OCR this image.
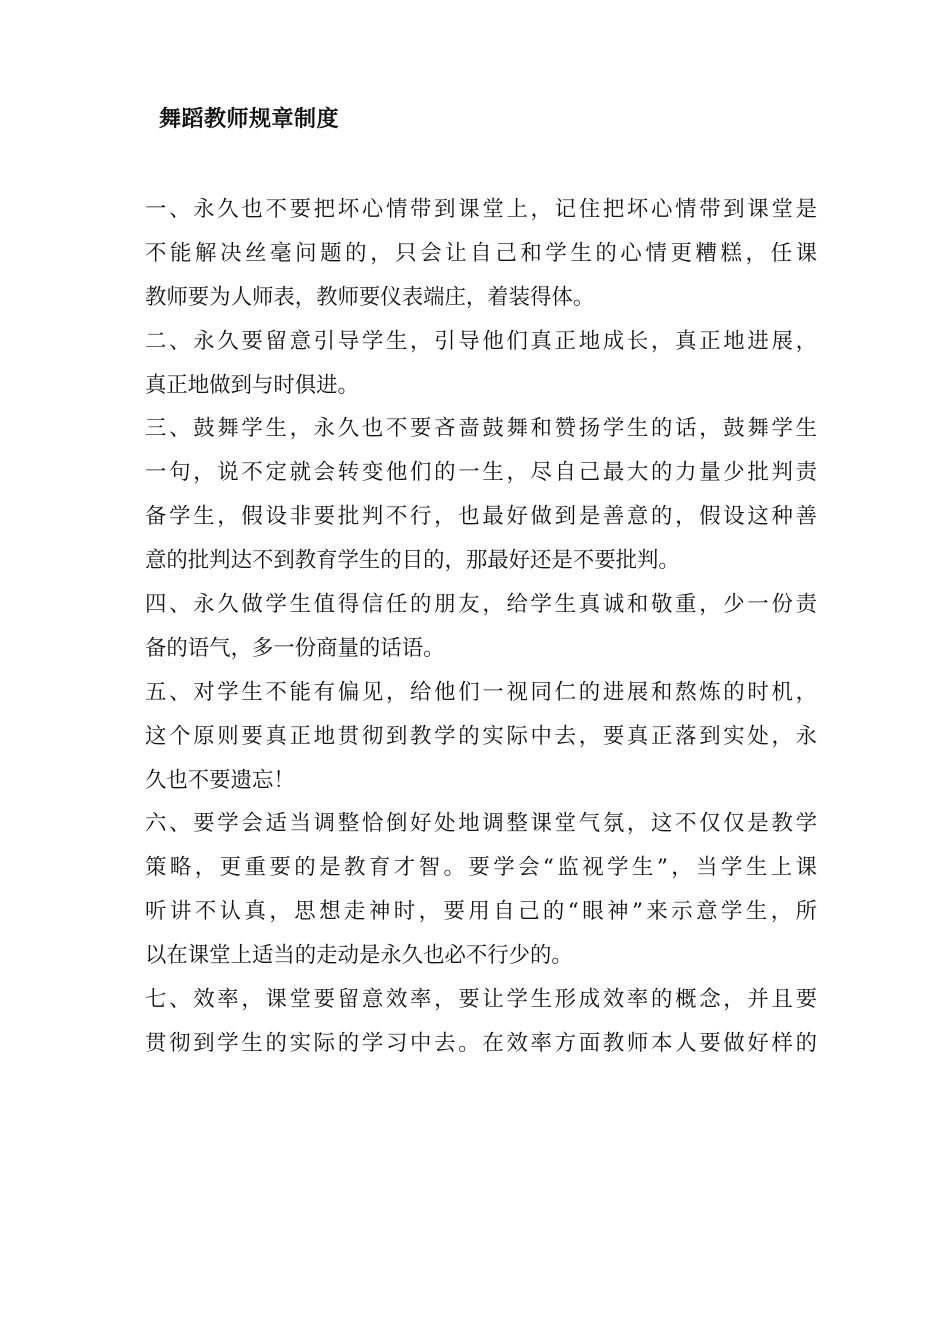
舞蹈教师规章制度
一、永久也不要把坏心情带到课堂上，记住把坏心情带到课堂是
不能解决丝毫问题的，只会让自己和学生的心情更糟糕，任课
教师要为人师表，教师要仪表端庄，着装得体。
二、永久要留意引导学生，引导他们真正地成长，真正地进展，
真正地做到与时俱进。
三、鼓舞学生，永久也不要吝啬鼓舞和赞扬学生的话，鼓舞学生
一句，说不定就会转变他们的一生，尽自己最大的力量少批判责
备学生，假设非要批判不行，也最好做到是善意的，假设这种善
意的批判达不到教育学生的目的，那最好还是不要批判。
四、永久做学生值得信任的朋友，给学生真诚和敬重，少一份责
备的语气，多一份商量的话语。
五、对学生不能有偏见，给他们一视同仁的进展和熬炼的时机，
这个原则要真正地贯彻到教学的实际中去，要真正落到实处，永
久也不要遗忘！
六、要学会适当调整恰倒好处地调整课堂气氛，这不仅仅是教学
策略，更重要的是教育才智。要学会“监视学生”，当学生上课
听讲不认真，思想走神时，要用自己的“眼神”来示意学生，所
以在课堂上适当的走动是永久也必不行少的。
七、效率，课堂要留意效率，要让学生形成效率的概念，并且要
贯彻到学生的实际的学习中去。在效率方面教师本人要做好样的
